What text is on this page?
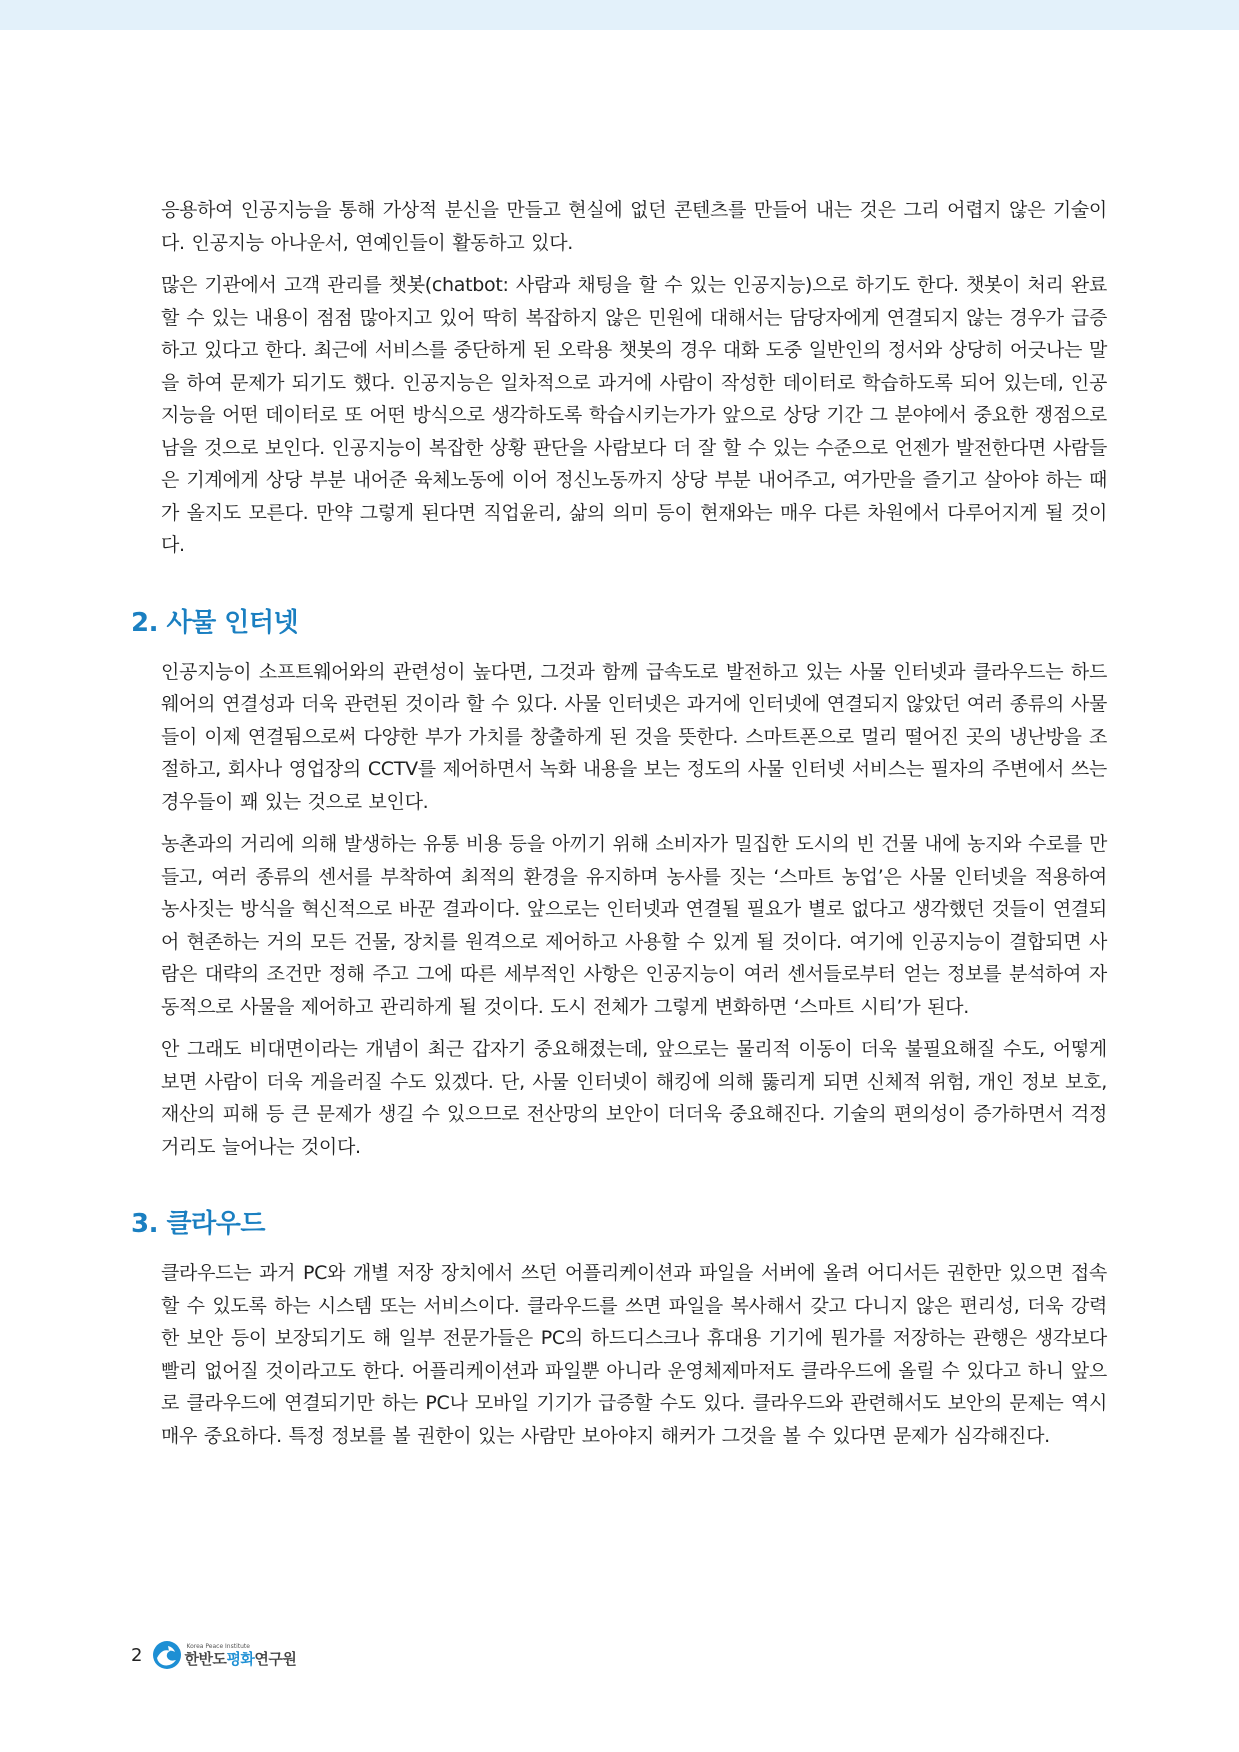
응용하여 인공지능을 통해 가상적 분신을 만들고 현실에 없던 콘텐츠를 만들어 내는 것은 그리 어렵지 않은 기술이다. 인공지능 아나운서, 연예인들이 활동하고 있다.

많은 기관에서 고객 관리를 챗봇(chatbot: 사람과 채팅을 할 수 있는 인공지능)으로 하기도 한다. 챗봇이 처리 완료할 수 있는 내용이 점점 많아지고 있어 딱히 복잡하지 않은 민원에 대해서는 담당자에게 연결되지 않는 경우가 급증하고 있다고 한다. 최근에 서비스를 중단하게 된 오락용 챗봇의 경우 대화 도중 일반인의 정서와 상당히 어긋나는 말을 하여 문제가 되기도 했다. 인공지능은 일차적으로 과거에 사람이 작성한 데이터로 학습하도록 되어 있는데, 인공지능을 어떤 데이터로 또 어떤 방식으로 생각하도록 학습시키는가가 앞으로 상당 기간 그 분야에서 중요한 쟁점으로 남을 것으로 보인다. 인공지능이 복잡한 상황 판단을 사람보다 더 잘 할 수 있는 수준으로 언젠가 발전한다면 사람들은 기계에게 상당 부분 내어준 육체노동에 이어 정신노동까지 상당 부분 내어주고, 여가만을 즐기고 살아야 하는 때가 올지도 모른다. 만약 그렇게 된다면 직업윤리, 삶의 의미 등이 현재와는 매우 다른 차원에서 다루어지게 될 것이다.

2. 사물 인터넷

인공지능이 소프트웨어와의 관련성이 높다면, 그것과 함께 급속도로 발전하고 있는 사물 인터넷과 클라우드는 하드웨어의 연결성과 더욱 관련된 것이라 할 수 있다. 사물 인터넷은 과거에 인터넷에 연결되지 않았던 여러 종류의 사물들이 이제 연결됨으로써 다양한 부가 가치를 창출하게 된 것을 뜻한다. 스마트폰으로 멀리 떨어진 곳의 냉난방을 조절하고, 회사나 영업장의 CCTV를 제어하면서 녹화 내용을 보는 정도의 사물 인터넷 서비스는 필자의 주변에서 쓰는 경우들이 꽤 있는 것으로 보인다.

농촌과의 거리에 의해 발생하는 유통 비용 등을 아끼기 위해 소비자가 밀집한 도시의 빈 건물 내에 농지와 수로를 만들고, 여러 종류의 센서를 부착하여 최적의 환경을 유지하며 농사를 짓는 ‘스마트 농업’은 사물 인터넷을 적용하여 농사짓는 방식을 혁신적으로 바꾼 결과이다. 앞으로는 인터넷과 연결될 필요가 별로 없다고 생각했던 것들이 연결되어 현존하는 거의 모든 건물, 장치를 원격으로 제어하고 사용할 수 있게 될 것이다. 여기에 인공지능이 결합되면 사람은 대략의 조건만 정해 주고 그에 따른 세부적인 사항은 인공지능이 여러 센서들로부터 얻는 정보를 분석하여 자동적으로 사물을 제어하고 관리하게 될 것이다. 도시 전체가 그렇게 변화하면 ‘스마트 시티’가 된다.

안 그래도 비대면이라는 개념이 최근 갑자기 중요해졌는데, 앞으로는 물리적 이동이 더욱 불필요해질 수도, 어떻게 보면 사람이 더욱 게을러질 수도 있겠다. 단, 사물 인터넷이 해킹에 의해 뚫리게 되면 신체적 위험, 개인 정보 보호, 재산의 피해 등 큰 문제가 생길 수 있으므로 전산망의 보안이 더더욱 중요해진다. 기술의 편의성이 증가하면서 걱정거리도 늘어나는 것이다.

3. 클라우드

클라우드는 과거 PC와 개별 저장 장치에서 쓰던 어플리케이션과 파일을 서버에 올려 어디서든 권한만 있으면 접속할 수 있도록 하는 시스템 또는 서비스이다. 클라우드를 쓰면 파일을 복사해서 갖고 다니지 않은 편리성, 더욱 강력한 보안 등이 보장되기도 해 일부 전문가들은 PC의 하드디스크나 휴대용 기기에 뭔가를 저장하는 관행은 생각보다 빨리 없어질 것이라고도 한다. 어플리케이션과 파일뿐 아니라 운영체제마저도 클라우드에 올릴 수 있다고 하니 앞으로 클라우드에 연결되기만 하는 PC나 모바일 기기가 급증할 수도 있다. 클라우드와 관련해서도 보안의 문제는 역시 매우 중요하다. 특정 정보를 볼 권한이 있는 사람만 보아야지 해커가 그것을 볼 수 있다면 문제가 심각해진다.

2	Korea Peace Institute
한반도평화연구원
